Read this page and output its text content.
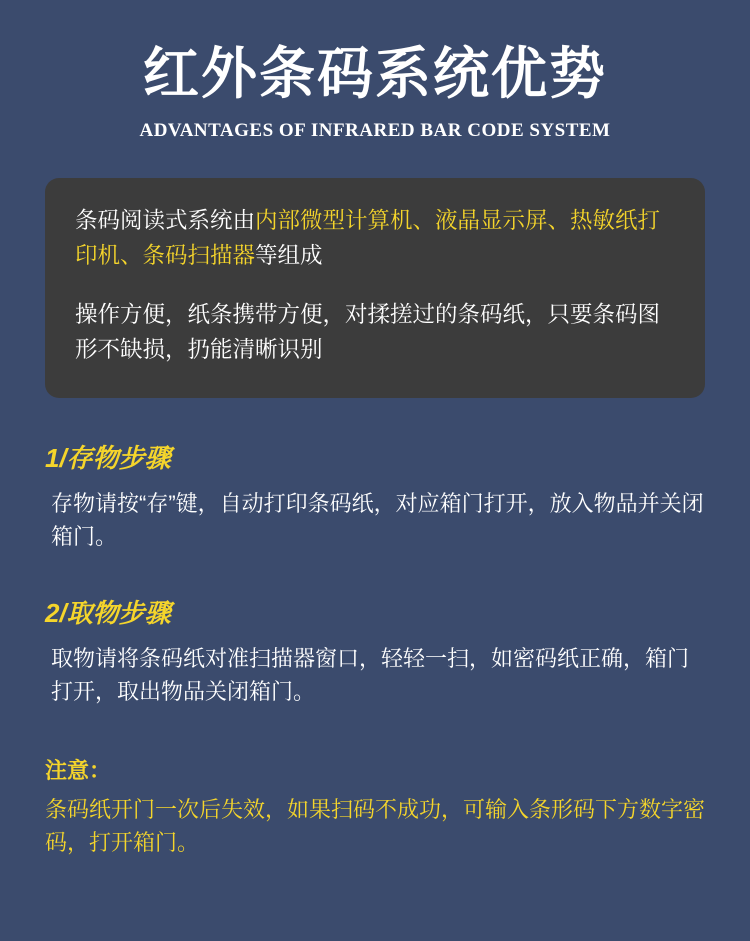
红外条码系统优势
ADVANTAGES OF INFRARED BAR CODE SYSTEM

条码阅读式系统由内部微型计算机、液晶显示屏、热敏纸打印机、条码扫描器等组成

操作方便，纸条携带方便，对揉搓过的条码纸，只要条码图形不缺损，扔能清晰识别

1/存物步骤
存物请按“存”键，自动打印条码纸，对应箱门打开，放入物品并关闭箱门。
2/取物步骤
取物请将条码纸对准扫描器窗口，轻轻一扫，如密码纸正确，箱门打开，取出物品关闭箱门。
注意：
条码纸开门一次后失效，如果扫码不成功，可输入条形码下方数字密码，打开箱门。
